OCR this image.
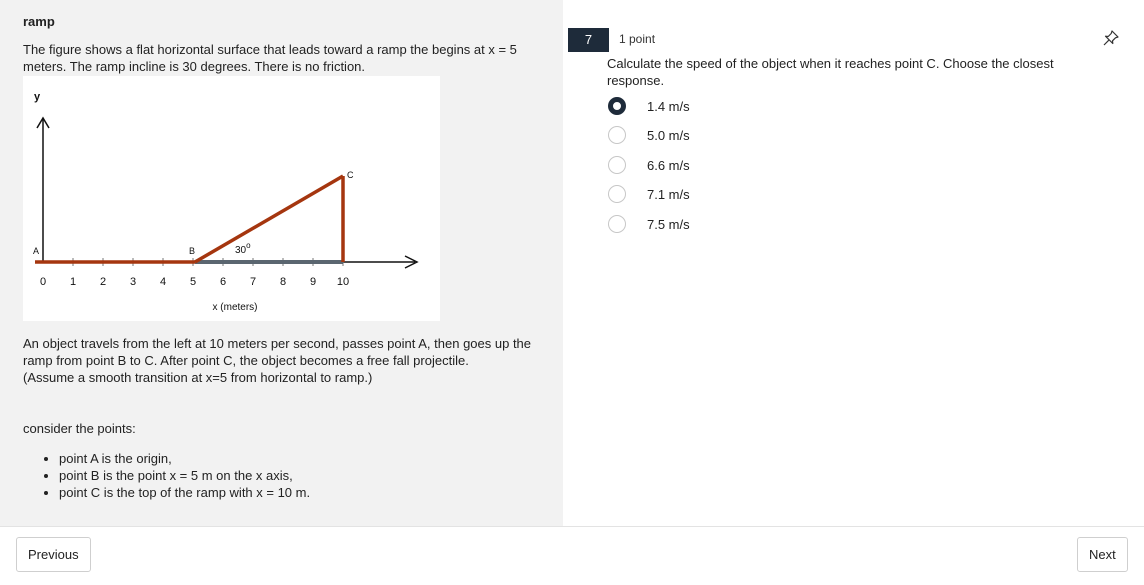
ramp
The figure shows a flat horizontal surface that leads toward a ramp the begins at x = 5 meters. The ramp incline is 30 degrees. There is no friction.
y
0 1 2 3 4 5 6 7 8 9 10
x (meters)
A	B
C
30$^o$
An object travels from the left at 10 meters per second, passes point A, then goes up the ramp from point B to C. After point C, the object becomes a free fall projectile.
(Assume a smooth transition at x=5 from horizontal to ramp.)
consider the points:
• point A is the origin,
• point B is the point x = 5 m on the x axis,
• point C is the top of the ramp with x = 10 m.
7	1 point
Calculate the speed of the object when it reaches point C. Choose the closest response.
1.4 m/s
5.0 m/s
6.6 m/s
7.1 m/s
7.5 m/s
Previous	Next
